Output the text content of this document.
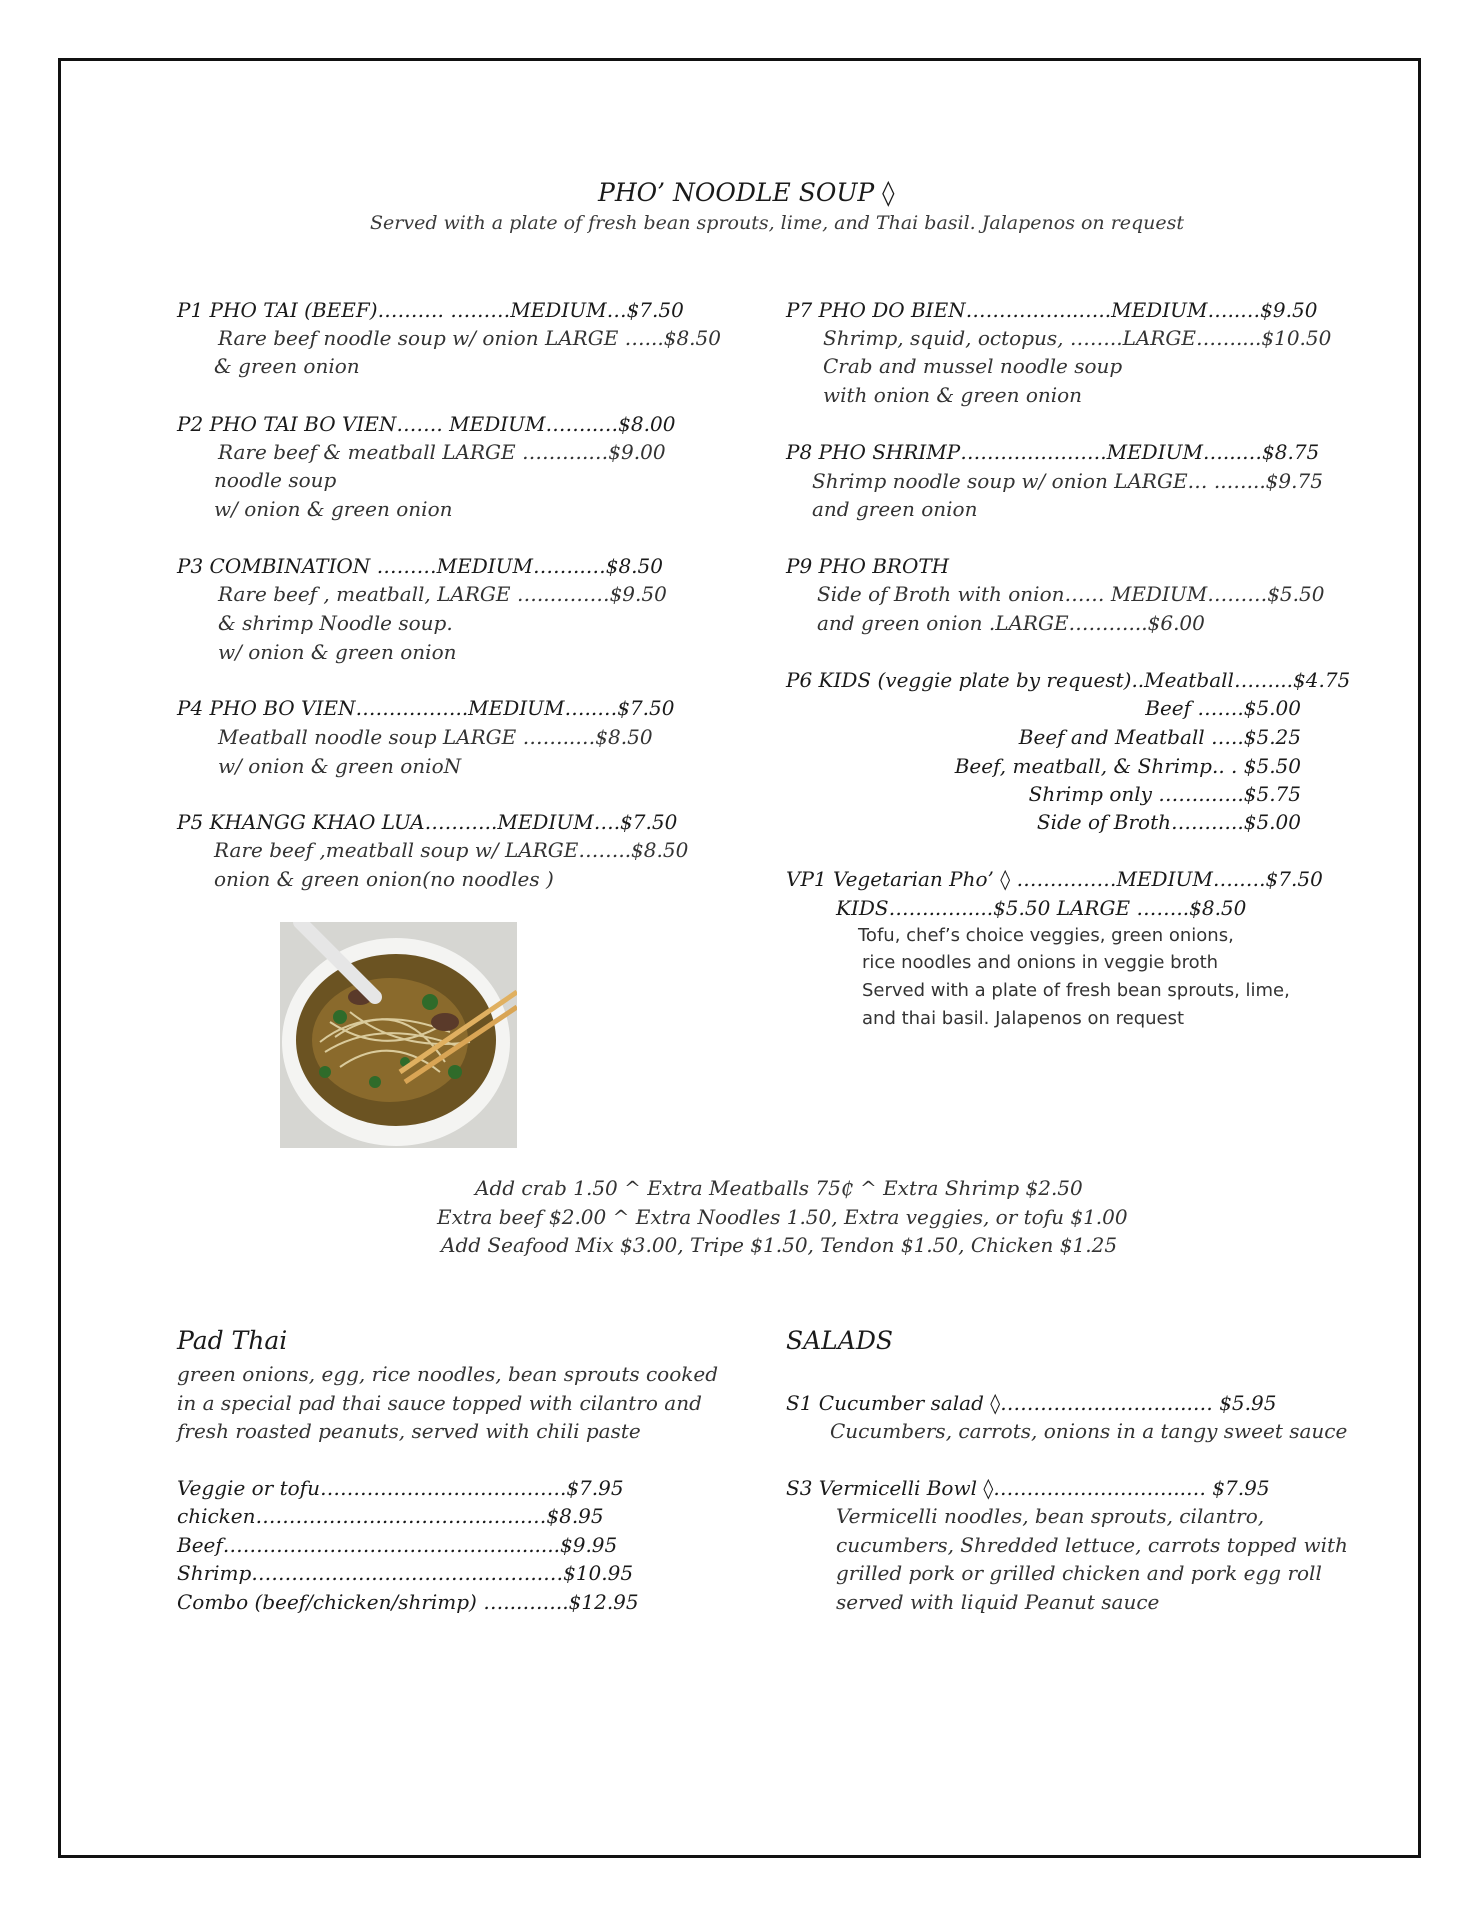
PHO’ NOODLE SOUP ◊
Served with a plate of fresh bean sprouts, lime, and Thai basil. Jalapenos on request
P1 PHO TAI (BEEF)………. ………MEDIUM…$7.50
Rare beef noodle soup w/ onion LARGE …...$8.50
& green onion
P2 PHO TAI BO VIEN……. MEDIUM……..…$8.00
Rare beef & meatball LARGE ……….…$9.00
noodle soup
w/ onion & green onion
P3 COMBINATION ………MEDIUM……..…$8.50
Rare beef , meatball, LARGE …..………$9.50
& shrimp Noodle soup.
w/ onion & green onion
P4 PHO BO VIEN……………..MEDIUM…..…$7.50
Meatball noodle soup LARGE ……..…$8.50
w/ onion & green onioN
P5 KHANGG KHAO LUA………..MEDIUM….$7.50
Rare beef ,meatball soup w/ LARGE……..$8.50
onion & green onion(no noodles )
P7 PHO DO BIEN……………..…..MEDIUM…..…$9.50
Shrimp, squid, octopus, ……..LARGE……....$10.50
Crab and mussel noodle soup
with onion & green onion
P8 PHO SHRIMP………………….MEDIUM…...…$8.75
Shrimp noodle soup w/ onion LARGE… ..…...$9.75
and green onion
P9 PHO BROTH
Side of Broth with onion…… MEDIUM………$5.50
and green onion .LARGE………...$6.00
P6 KIDS (veggie plate by request)..Meatball……...$4.75
Beef …….$5.00
Beef and Meatball …..$5.25
Beef, meatball, & Shrimp.. . $5.50
Shrimp only ……..…..$5.75
Side of Broth………..$5.00
VP1 Vegetarian Pho’ ◊ ……………MEDIUM….….$7.50
KIDS……..….....$5.50 LARGE ……..$8.50
Tofu, chef’s choice veggies, green onions,
rice noodles and onions in veggie broth
Served with a plate of fresh bean sprouts, lime,
and thai basil. Jalapenos on request
Add crab 1.50 ^ Extra Meatballs 75₵ ^ Extra Shrimp $2.50
Extra beef $2.00 ^ Extra Noodles 1.50, Extra veggies, or tofu $1.00
Add Seafood Mix $3.00, Tripe $1.50, Tendon $1.50, Chicken $1.25
Pad Thai
green onions, egg, rice noodles, bean sprouts cooked
in a special pad thai sauce topped with cilantro and
fresh roasted peanuts, served with chili paste
Veggie or tofu……………………………….$7.95
chicken………………...…………...…..…$8.95
Beef…………………………………….........$9.95
Shrimp……………….……………..……..…$10.95
Combo (beef/chicken/shrimp) …..……..$12.95
SALADS
S1 Cucumber salad ◊………………………..… $5.95
Cucumbers, carrots, onions in a tangy sweet sauce
S3 Vermicelli Bowl ◊………………………..… $7.95
Vermicelli noodles, bean sprouts, cilantro,
cucumbers, Shredded lettuce, carrots topped with
grilled pork or grilled chicken and pork egg roll
served with liquid Peanut sauce
